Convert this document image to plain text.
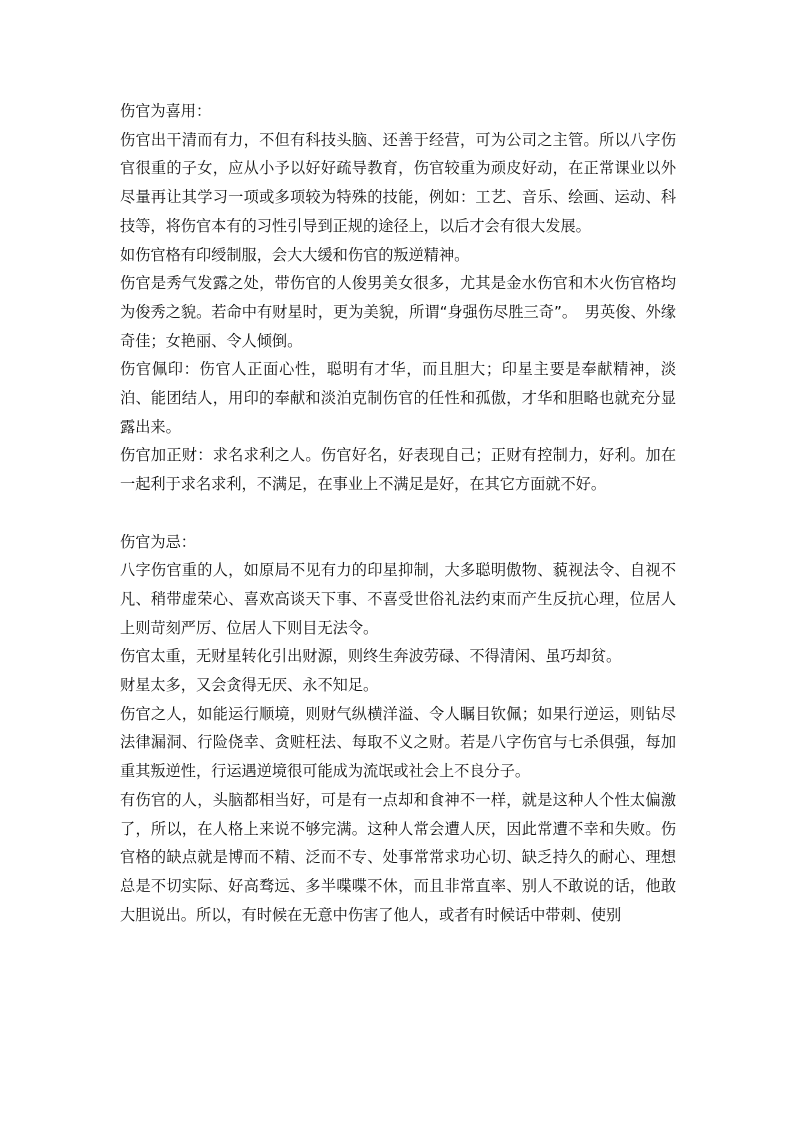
伤官为喜用：

伤官出干清而有力，不但有科技头脑、还善于经营，可为公司之主管。所以八字伤官很重的子女，应从小予以好好疏导教育，伤官较重为顽皮好动，在正常课业以外尽量再让其学习一项或多项较为特殊的技能，例如：工艺、音乐、绘画、运动、科技等，将伤官本有的习性引导到正规的途径上，以后才会有很大发展。

如伤官格有印绶制服，会大大缓和伤官的叛逆精神。

伤官是秀气发露之处，带伤官的人俊男美女很多，尤其是金水伤官和木火伤官格均为俊秀之貌。若命中有财星时，更为美貌，所谓“身强伤尽胜三奇”。　男英俊、外缘奇佳；女艳丽、令人倾倒。

伤官佩印：伤官人正面心性，聪明有才华，而且胆大；印星主要是奉献精神，淡泊、能团结人，用印的奉献和淡泊克制伤官的任性和孤傲，才华和胆略也就充分显露出来。

伤官加正财：求名求利之人。伤官好名，好表现自己；正财有控制力，好利。加在一起利于求名求利，不满足，在事业上不满足是好，在其它方面就不好。

伤官为忌：

八字伤官重的人，如原局不见有力的印星抑制，大多聪明傲物、藐视法令、自视不凡、稍带虚荣心、喜欢高谈天下事、不喜受世俗礼法约束而产生反抗心理，位居人上则苛刻严厉、位居人下则目无法令。

伤官太重，无财星转化引出财源，则终生奔波劳碌、不得清闲、虽巧却贫。

财星太多，又会贪得无厌、永不知足。

伤官之人，如能运行顺境，则财气纵横洋溢、令人瞩目钦佩；如果行逆运，则钻尽法律漏洞、行险侥幸、贪赃枉法、每取不义之财。若是八字伤官与七杀俱强，每加重其叛逆性，行运遇逆境很可能成为流氓或社会上不良分子。

有伤官的人，头脑都相当好，可是有一点却和食神不一样，就是这种人个性太偏激了，所以，在人格上来说不够完满。这种人常会遭人厌，因此常遭不幸和失败。伤官格的缺点就是博而不精、泛而不专、处事常常求功心切、缺乏持久的耐心、理想总是不切实际、好高骛远、多半喋喋不休，而且非常直率、别人不敢说的话，他敢大胆说出。所以，有时候在无意中伤害了他人，或者有时候话中带刺、使别
